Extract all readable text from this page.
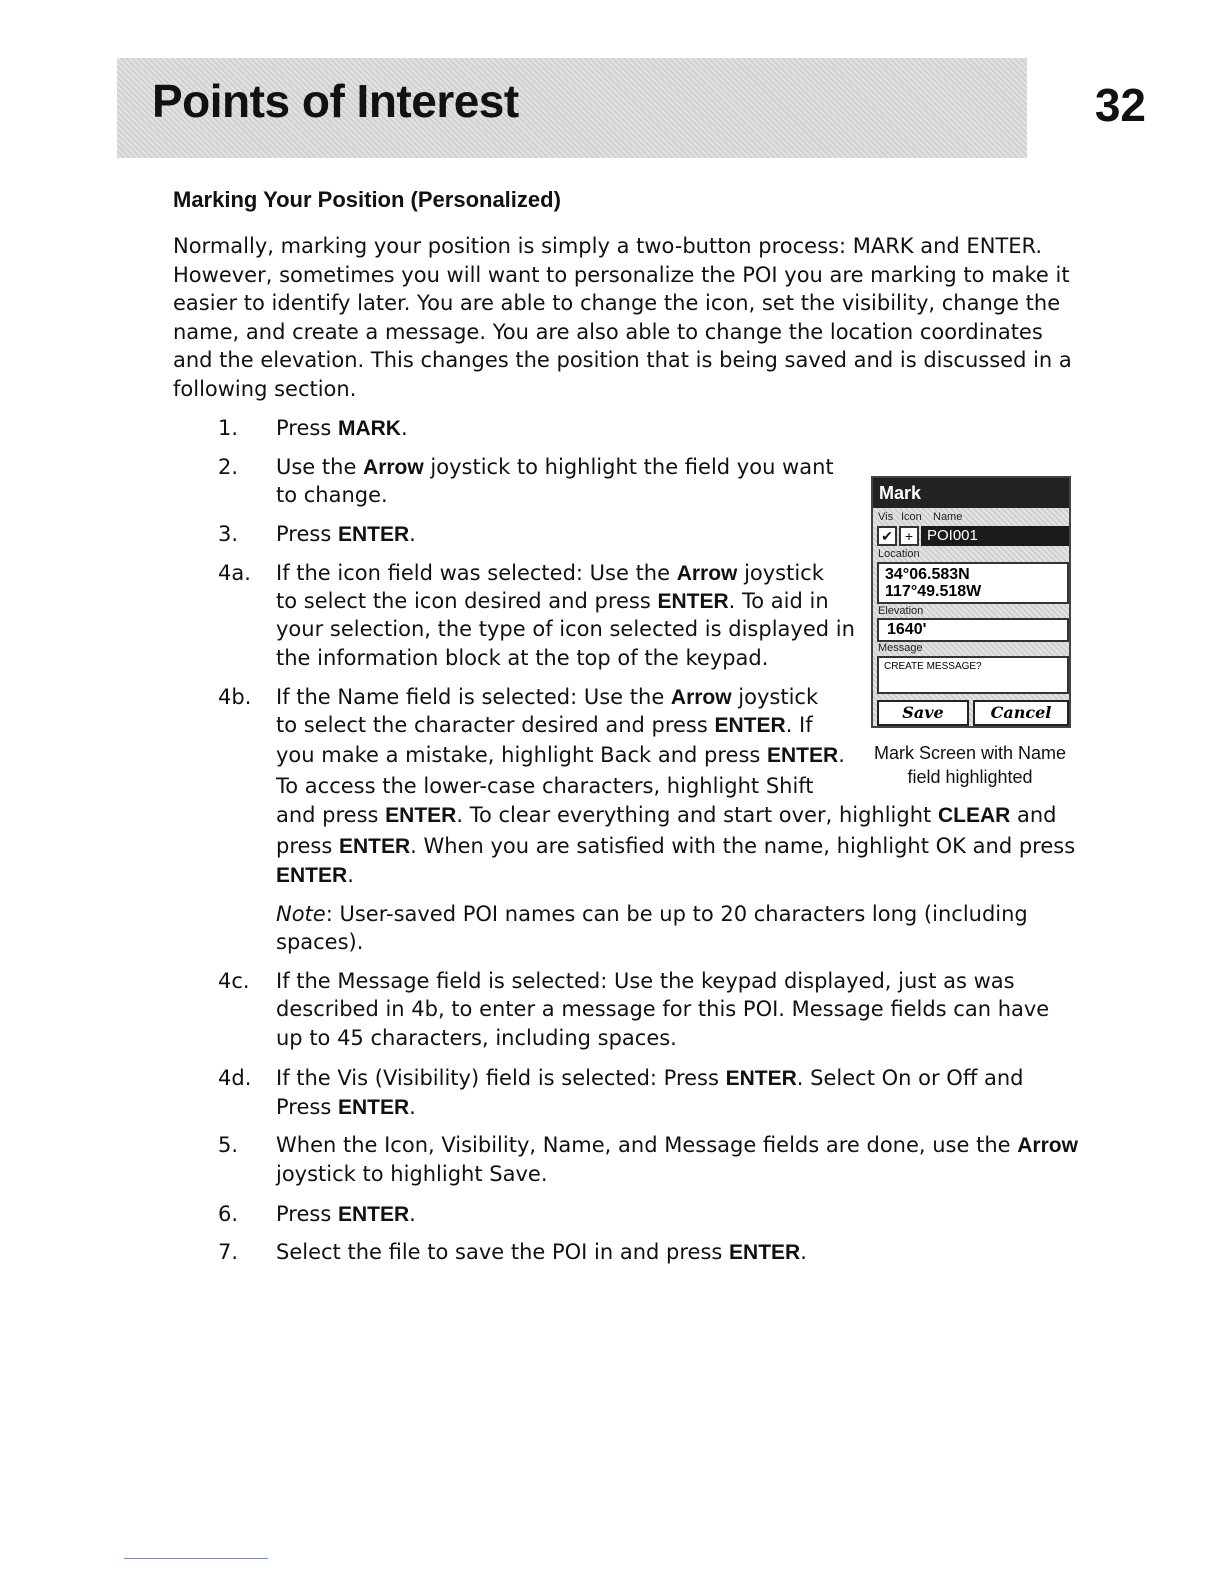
Points of Interest	32
Marking Your Position (Personalized)

Normally, marking your position is simply a two-button process: MARK and ENTER. However, sometimes you will want to personalize the POI you are marking to make it easier to identify later. You are able to change the icon, set the visibility, change the name, and create a message. You are also able to change the location coordinates and the elevation. This changes the position that is being saved and is discussed in a following section.

1. Press MARK.
2. Use the Arrow joystick to highlight the field you want
to change.
3. Press ENTER.
4a. If the icon field was selected: Use the Arrow joystick
to select the icon desired and press ENTER. To aid in
your selection, the type of icon selected is displayed in
the information block at the top of the keypad.
4b. If the Name field is selected: Use the Arrow joystick
to select the character desired and press ENTER. If
you make a mistake, highlight Back and press ENTER.
To access the lower-case characters, highlight Shift
and press ENTER. To clear everything and start over, highlight CLEAR and
press ENTER. When you are satisfied with the name, highlight OK and press
ENTER.
Note: User-saved POI names can be up to 20 characters long (including
spaces).
4c. If the Message field is selected: Use the keypad displayed, just as was
described in 4b, to enter a message for this POI. Message fields can have
up to 45 characters, including spaces.
4d. If the Vis (Visibility) field is selected: Press ENTER. Select On or Off and
Press ENTER.
5. When the Icon, Visibility, Name, and Message fields are done, use the Arrow
joystick to highlight Save.
6. Press ENTER.
7. Select the file to save the POI in and press ENTER.
Mark
Vis Icon Name
✔ + POI001
Location
34°06.583N
117°49.518W
Elevation
1640'
Message
CREATE MESSAGE?
Save	Cancel
Mark Screen with Name
field highlighted
